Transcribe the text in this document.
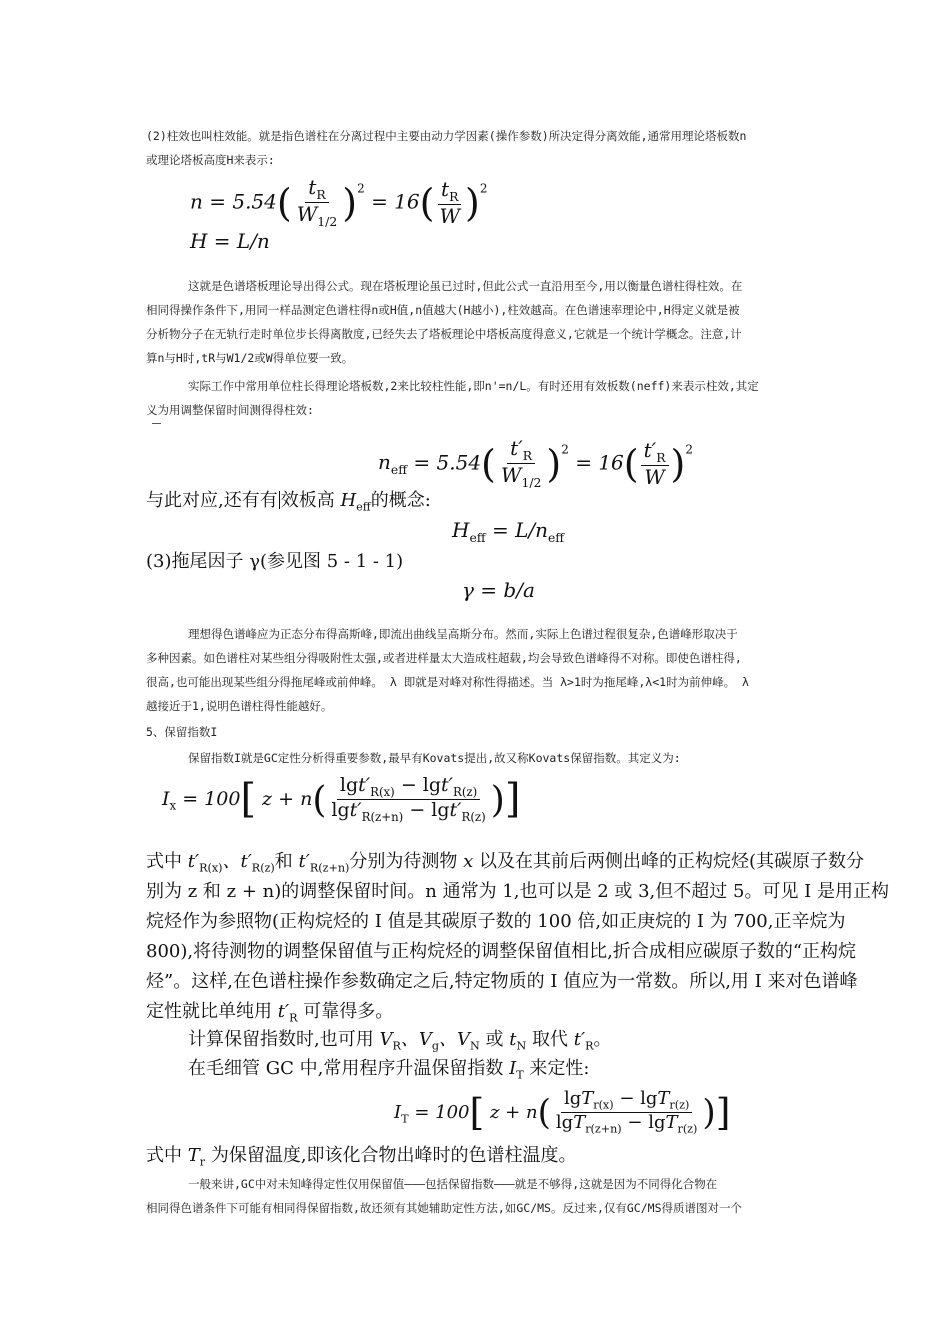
(2)柱效也叫柱效能。就是指色谱柱在分离过程中主要由动力学因素(操作参数)所决定得分离效能,通常用理论塔板数n
或理论塔板高度H来表示:
$n = 5.54( \frac{t_R}{W_{1/2}} )^2 = 16( \frac{t_R}{W} )^2$
H = L/n
这就是色谱塔板理论导出得公式。现在塔板理论虽已过时,但此公式一直沿用至今,用以衡量色谱柱得柱效。在
相同得操作条件下,用同一样品测定色谱柱得n或H值,n值越大(H越小),柱效越高。在色谱速率理论中,H得定义就是被
分析物分子在无轨行走时单位步长得离散度,已经失去了塔板理论中塔板高度得意义,它就是一个统计学概念。注意,计
算n与H时,tR与W1/2或W得单位要一致。
实际工作中常用单位柱长得理论塔板数,2来比较柱性能,即n'=n/L。有时还用有效板数(neff)来表示柱效,其定
义为用调整保留时间测得得柱效:
$n_{eff} = 5.54( \frac{t'_R}{W_{1/2}} )^2 = 16( \frac{t'_R}{W} )^2$
与此对应,还有有 效板高 $H_{eff}$的概念:
$H_{eff} = L/n_{eff}$
(3)拖尾因子 γ(参见图 5 - 1 - 1)
γ = b/a
理想得色谱峰应为正态分布得高斯峰,即流出曲线呈高斯分布。然而,实际上色谱过程很复杂,色谱峰形取决于
多种因素。如色谱柱对某些组分得吸附性太强,或者进样量太大造成柱超载,均会导致色谱峰得不对称。即使色谱柱得,
很高,也可能出现某些组分得拖尾峰或前伸峰。 λ 即就是对峰对称性得描述。当 λ>1时为拖尾峰,λ<1时为前伸峰。 λ
越接近于1,说明色谱柱得性能越好。
5、保留指数I
保留指数I就是GC定性分析得重要参数,最早有Kovats提出,故又称Kovats保留指数。其定义为:
$I_x = 100$[ $z + n( \frac{\lg t'_{R(x)} - \lg t'_{R(z)}}{\lg t'_{R(z+n)} - \lg t'_{R(z)}}$ )]
式中 $t'_{R(x)}$、$t'_{R(z)}$和 $t'_{R(z+n)}$分别为待测物 x 以及在其前后两侧出峰的正构烷烃(其碳原子数分
别为 z 和 z + n)的调整保留时间。n 通常为 1,也可以是 2 或 3,但不超过 5。可见 I 是用正构
烷烃作为参照物(正构烷烃的 I 值是其碳原子数的 100 倍,如正庚烷的 I 为 700,正辛烷为
800),将待测物的调整保留值与正构烷烃的调整保留值相比,折合成相应碳原子数的“正构烷
烃”。这样,在色谱柱操作参数确定之后,特定物质的 I 值应为一常数。所以,用 I 来对色谱峰
定性就比单纯用 $t'_R$ 可靠得多。
计算保留指数时,也可用 $V_R$、$V_g$、$V_N$ 或 $t_N$ 取代 $t'_R$。
在毛细管 GC 中,常用程序升温保留指数 $I_T$ 来定性:
$I_T = 100$[ $z + n( \frac{\lg T_{r(x)} - \lg T_{r(z)}}{\lg T_{r(z+n)} - \lg T_{r(z)}}$ )]
式中 $T_r$ 为保留温度,即该化合物出峰时的色谱柱温度。
一般来讲,GC中对未知峰得定性仅用保留值———包括保留指数———就是不够得,这就是因为不同得化合物在
相同得色谱条件下可能有相同得保留指数,故还须有其她辅助定性方法,如GC/MS。反过来,仅有GC/MS得质谱图对一个
